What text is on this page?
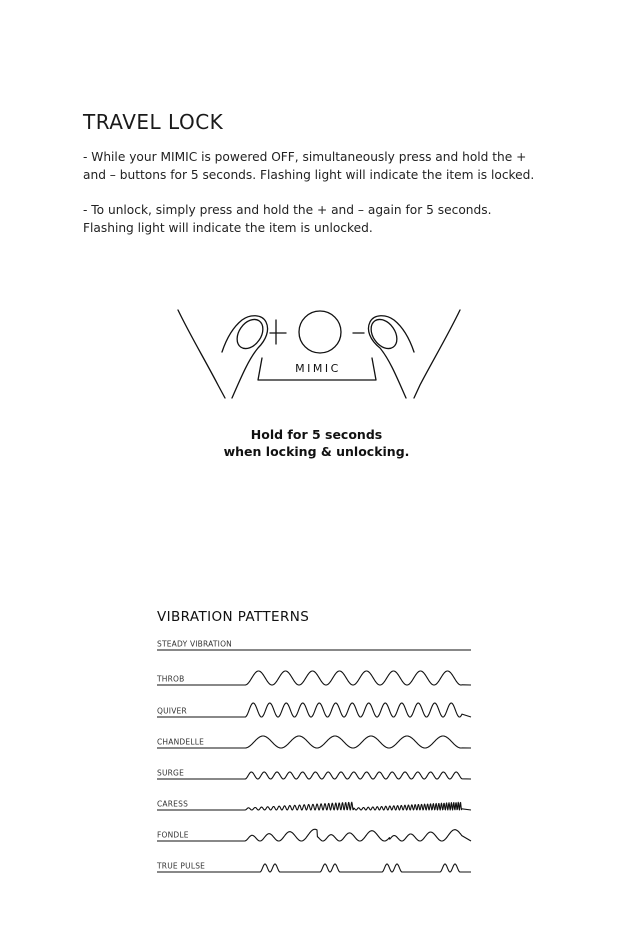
TRAVEL LOCK
- While your MIMIC is powered OFF, simultaneously press and hold the +
and – buttons for 5 seconds. Flashing light will indicate the item is locked.
- To unlock, simply press and hold the + and – again for 5 seconds.
Flashing light will indicate the item is unlocked.
MIMIC
Hold for 5 seconds
when locking & unlocking.
VIBRATION PATTERNS
STEADY VIBRATION
THROB
QUIVER
CHANDELLE
SURGE
CARESS
FONDLE
TRUE PULSE
